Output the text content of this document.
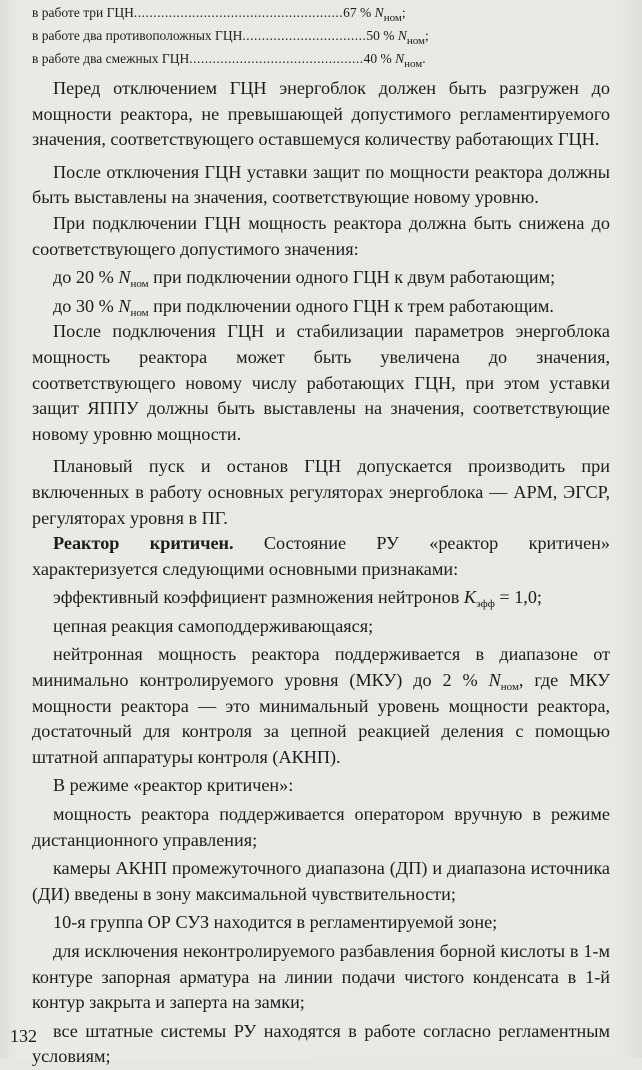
в работе три ГЦН......................................................67 % $N_{ном}$;
в работе два противоположных ГЦН................................50 % $N_{ном}$;
в работе два смежных ГЦН.............................................40 % $N_{ном}$.

Перед отключением ГЦН энергоблок должен быть разгружен до мощности реактора, не превышающей допустимого регламентируемого значения, соответствующего оставшемуся количеству работающих ГЦН.

После отключения ГЦН уставки защит по мощности реактора должны быть выставлены на значения, соответствующие новому уровню.

При подключении ГЦН мощность реактора должна быть снижена до соответствующего допустимого значения:

до 20 % $N_{ном}$ при подключении одного ГЦН к двум работающим;

до 30 % $N_{ном}$ при подключении одного ГЦН к трем работающим.

После подключения ГЦН и стабилизации параметров энергоблока мощность реактора может быть увеличена до значения, соответствующего новому числу работающих ГЦН, при этом уставки защит ЯППУ должны быть выставлены на значения, соответствующие новому уровню мощности.

Плановый пуск и останов ГЦН допускается производить при включенных в работу основных регуляторах энергоблока — АРМ, ЭГСР, регуляторах уровня в ПГ.

Реактор критичен. Состояние РУ «реактор критичен» характеризуется следующими основными признаками:

эффективный коэффициент размножения нейтронов $K_{эфф} = 1,0$;

цепная реакция самоподдерживающаяся;

нейтронная мощность реактора поддерживается в диапазоне от минимально контролируемого уровня (МКУ) до 2 % $N_{ном}$, где МКУ мощности реактора — это минимальный уровень мощности реактора, достаточный для контроля за цепной реакцией деления с помощью штатной аппаратуры контроля (АКНП).

В режиме «реактор критичен»:

мощность реактора поддерживается оператором вручную в режиме дистанционного управления;

камеры АКНП промежуточного диапазона (ДП) и диапазона источника (ДИ) введены в зону максимальной чувствительности;

10-я группа ОР СУЗ находится в регламентируемой зоне;

для исключения неконтролируемого разбавления борной кислоты в 1-м контуре запорная арматура на линии подачи чистого конденсата в 1-й контур закрыта и заперта на замки;

все штатные системы РУ находятся в работе согласно регламентным условиям;

132
